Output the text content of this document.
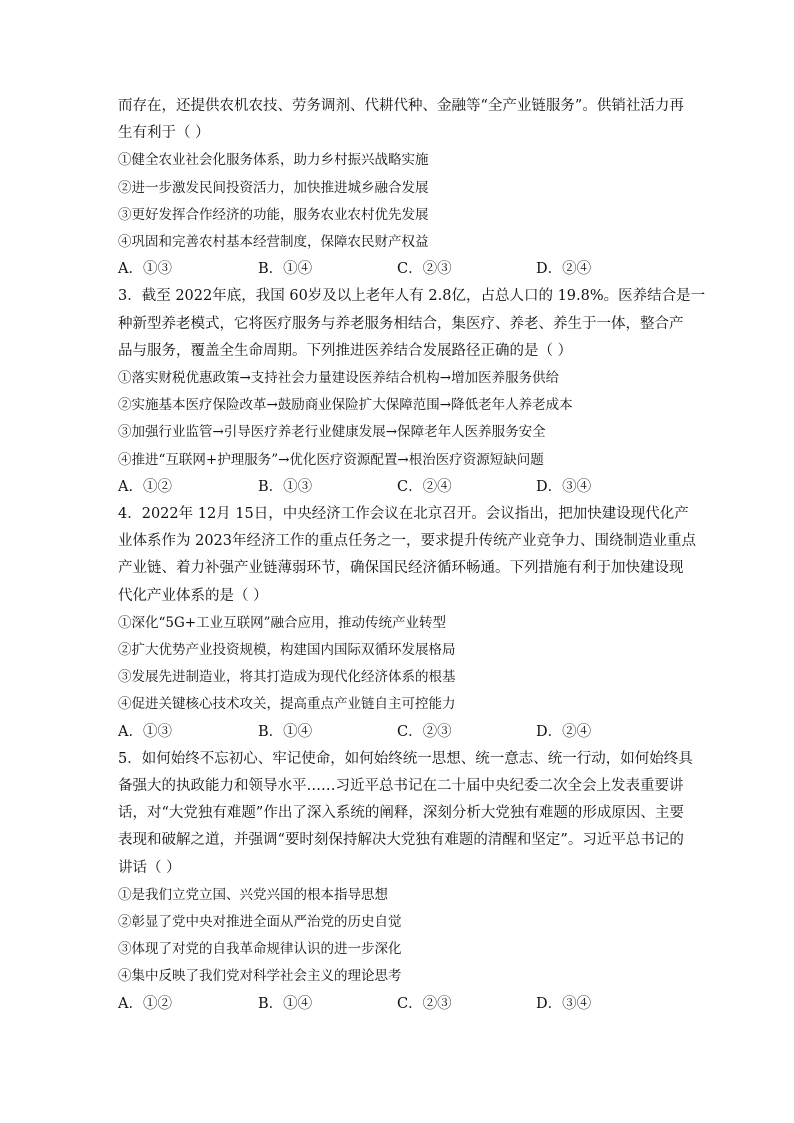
而存在，还提供农机农技、劳务调剂、代耕代种、金融等“全产业链服务”。供销社活力再
生有利于（ ）
①健全农业社会化服务体系，助力乡村振兴战略实施
②进一步激发民间投资活力，加快推进城乡融合发展
③更好发挥合作经济的功能，服务农业农村优先发展
④巩固和完善农村基本经营制度，保障农民财产权益
A．①③	B．①④	C．②③	D．②④
3．截至 2022年底，我国 60岁及以上老年人有 2.8亿，占总人口的 19.8%。医养结合是一
种新型养老模式，它将医疗服务与养老服务相结合，集医疗、养老、养生于一体，整合产
品与服务，覆盖全生命周期。下列推进医养结合发展路径正确的是（ ）
①落实财税优惠政策→支持社会力量建设医养结合机构→增加医养服务供给
②实施基本医疗保险改革→鼓励商业保险扩大保障范围→降低老年人养老成本
③加强行业监管→引导医疗养老行业健康发展→保障老年人医养服务安全
④推进“互联网+护理服务”→优化医疗资源配置→根治医疗资源短缺问题
A．①②	B．①③	C．②④	D．③④
4．2022年 12月 15日，中央经济工作会议在北京召开。会议指出，把加快建设现代化产
业体系作为 2023年经济工作的重点任务之一，要求提升传统产业竞争力、围绕制造业重点
产业链、着力补强产业链薄弱环节，确保国民经济循环畅通。下列措施有利于加快建设现
代化产业体系的是（ ）
①深化“5G+工业互联网”融合应用，推动传统产业转型
②扩大优势产业投资规模，构建国内国际双循环发展格局
③发展先进制造业，将其打造成为现代化经济体系的根基
④促进关键核心技术攻关，提高重点产业链自主可控能力
A．①③	B．①④	C．②③	D．②④
5．如何始终不忘初心、牢记使命，如何始终统一思想、统一意志、统一行动，如何始终具
备强大的执政能力和领导水平……习近平总书记在二十届中央纪委二次全会上发表重要讲
话，对“大党独有难题”作出了深入系统的阐释，深刻分析大党独有难题的形成原因、主要
表现和破解之道，并强调“要时刻保持解决大党独有难题的清醒和坚定”。习近平总书记的
讲话（ ）
①是我们立党立国、兴党兴国的根本指导思想
②彰显了党中央对推进全面从严治党的历史自觉
③体现了对党的自我革命规律认识的进一步深化
④集中反映了我们党对科学社会主义的理论思考
A．①②	B．①④	C．②③	D．③④
